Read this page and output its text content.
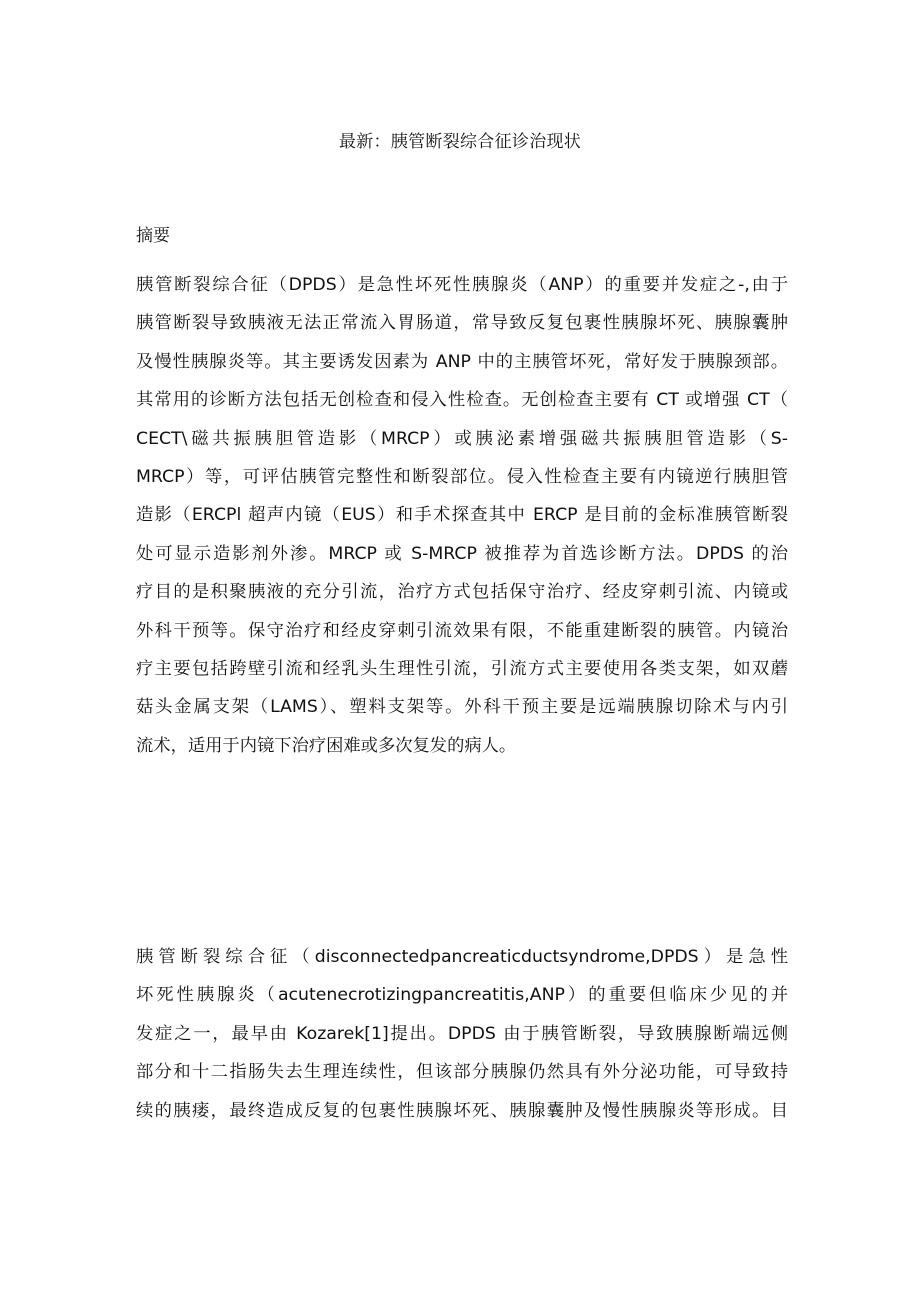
最新：胰管断裂综合征诊治现状
摘要
胰管断裂综合征（DPDS）是急性坏死性胰腺炎（ANP）的重要并发症之-,由于
胰管断裂导致胰液无法正常流入胃肠道，常导致反复包裹性胰腺坏死、胰腺囊肿
及慢性胰腺炎等。其主要诱发因素为 ANP 中的主胰管坏死，常好发于胰腺颈部。
其常用的诊断方法包括无创检查和侵入性检查。无创检查主要有 CT 或增强 CT（
CECT\磁共振胰胆管造影（MRCP）或胰泌素增强磁共振胰胆管造影（S-
MRCP）等，可评估胰管完整性和断裂部位。侵入性检查主要有内镜逆行胰胆管
造影（ERCPl 超声内镜（EUS）和手术探查其中 ERCP 是目前的金标准胰管断裂
处可显示造影剂外渗。MRCP 或 S-MRCP 被推荐为首选诊断方法。DPDS 的治
疗目的是积聚胰液的充分引流，治疗方式包括保守治疗、经皮穿刺引流、内镜或
外科干预等。保守治疗和经皮穿刺引流效果有限，不能重建断裂的胰管。内镜治
疗主要包括跨壁引流和经乳头生理性引流，引流方式主要使用各类支架，如双蘑
菇头金属支架（LAMS）、塑料支架等。外科干预主要是远端胰腺切除术与内引
流术，适用于内镜下治疗困难或多次复发的病人。
胰管断裂综合征（disconnectedpancreaticductsyndrome,DPDS）是急性
坏死性胰腺炎（acutenecrotizingpancreatitis,ANP）的重要但临床少见的并
发症之一，最早由 Kozarek[1]提出。DPDS 由于胰管断裂，导致胰腺断端远侧
部分和十二指肠失去生理连续性，但该部分胰腺仍然具有外分泌功能，可导致持
续的胰瘘，最终造成反复的包裹性胰腺坏死、胰腺囊肿及慢性胰腺炎等形成。目
